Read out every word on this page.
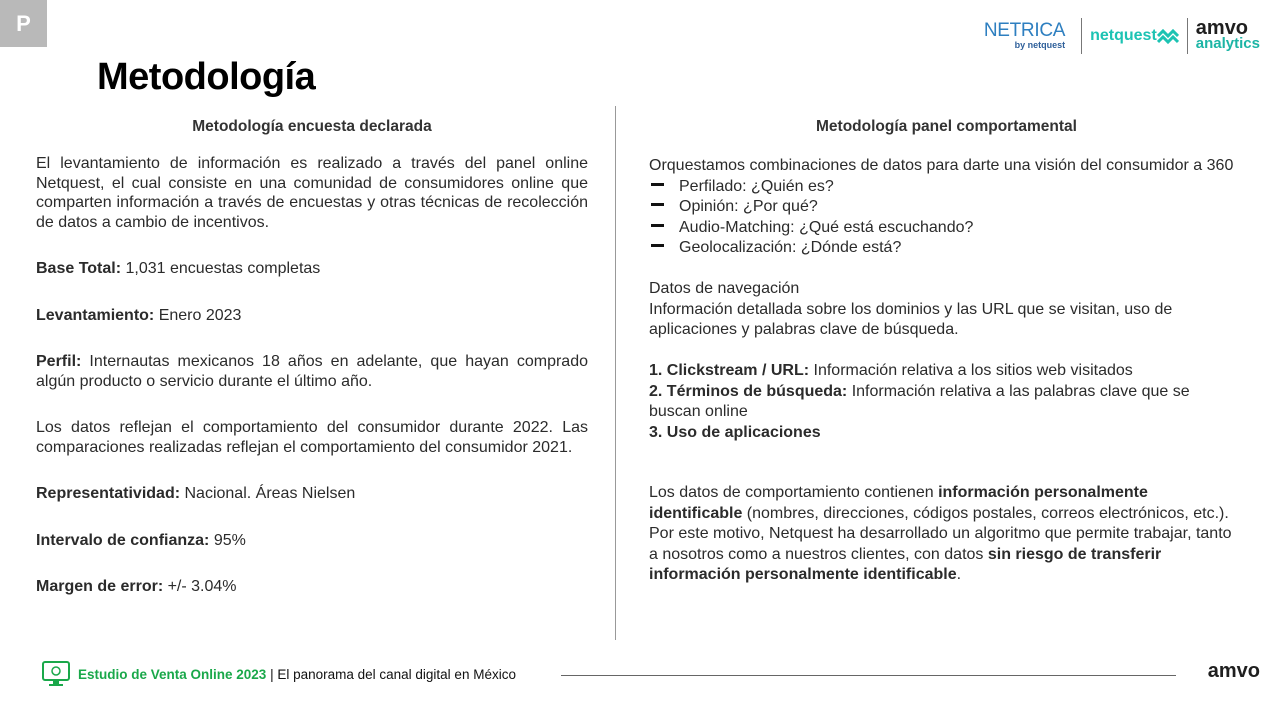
P
Metodología
NETRICA
by netquest
netquest amvo
analytics
Metodología encuesta declarada

El levantamiento de información es realizado a través del panel online Netquest, el cual consiste en una comunidad de consumidores online que comparten información a través de encuestas y otras técnicas de recolección de datos a cambio de incentivos.

Base Total: 1,031 encuestas completas

Levantamiento: Enero 2023

Perfil: Internautas mexicanos 18 años en adelante, que hayan comprado algún producto o servicio durante el último año.

Los datos reflejan el comportamiento del consumidor durante 2022. Las comparaciones realizadas reflejan el comportamiento del consumidor 2021.

Representatividad: Nacional. Áreas Nielsen

Intervalo de confianza: 95%

Margen de error: +/- 3.04%

Metodología panel comportamental

Orquestamos combinaciones de datos para darte una visión del consumidor a 360

Perfilado: ¿Quién es?
Opinión: ¿Por qué?
Audio-Matching: ¿Qué está escuchando?
Geolocalización: ¿Dónde está?

Datos de navegación

Información detallada sobre los dominios y las URL que se visitan, uso de aplicaciones y palabras clave de búsqueda.

1. Clickstream / URL: Información relativa a los sitios web visitados

2. Términos de búsqueda: Información relativa a las palabras clave que se buscan online

3. Uso de aplicaciones

Los datos de comportamiento contienen información personalmente identificable (nombres, direcciones, códigos postales, correos electrónicos, etc.). Por este motivo, Netquest ha desarrollado un algoritmo que permite trabajar, tanto a nosotros como a nuestros clientes, con datos sin riesgo de transferir información personalmente identificable.

Estudio de Venta Online 2023 | El panorama del canal digital en México	amvo
